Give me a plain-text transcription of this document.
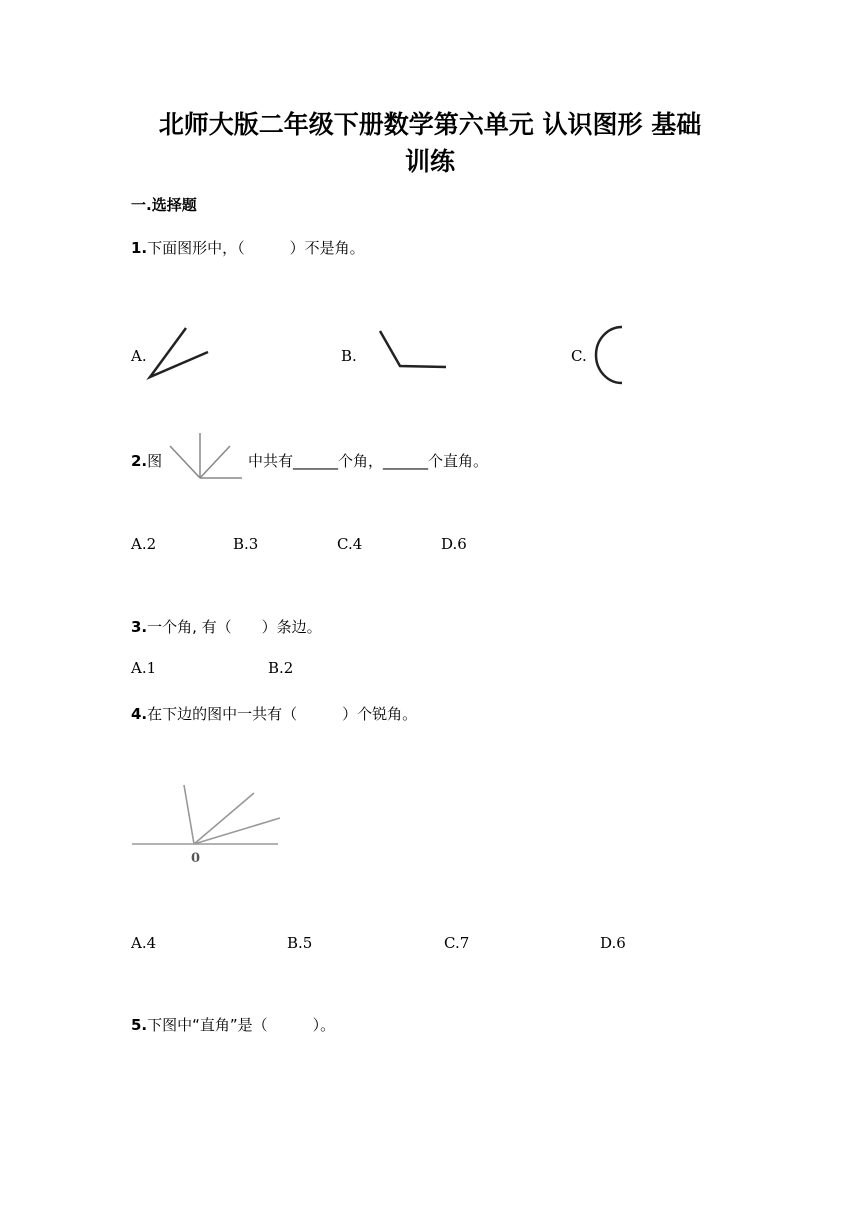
北师大版二年级下册数学第六单元 认识图形 基础
训练
一.选择题
1.下面图形中，（　　　）不是角。
A.	B.	C.
2.图	中共有______个角，______个直角。
A.2	B.3	C.4	D.6
3.一个角, 有（　　）条边。
A.1	B.2
4.在下边的图中一共有（　　　）个锐角。
0
A.4	B.5	C.7	D.6
5.下图中“直角”是（　　　）。
